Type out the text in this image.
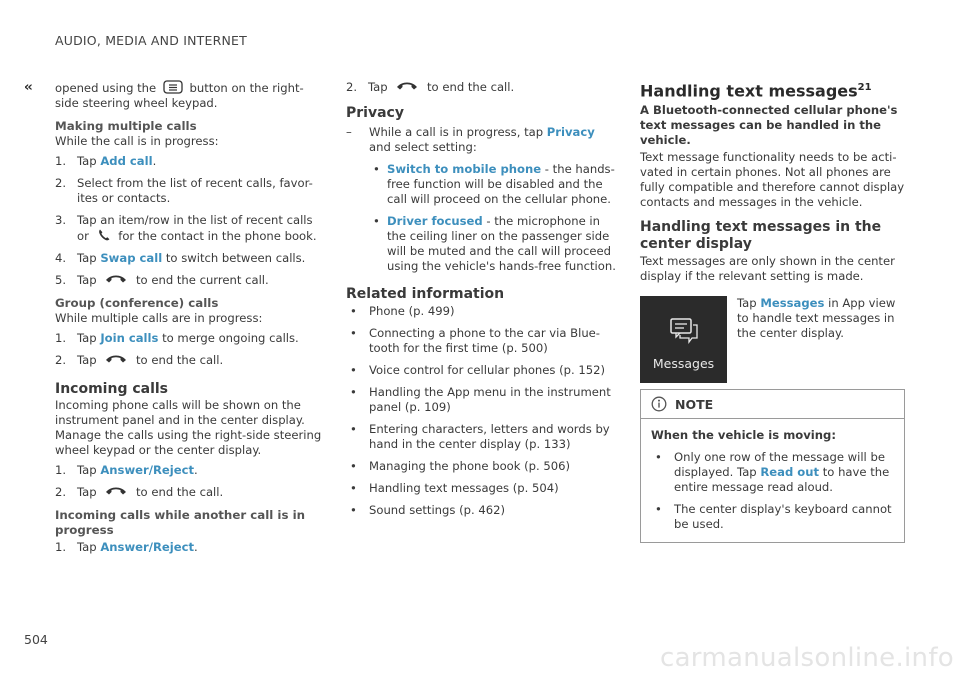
AUDIO, MEDIA AND INTERNET
‹‹
504
carmanualsonline.info
opened using the	button on the right-side steering wheel keypad.
Making multiple calls
While the call is in progress:
1. Tap Add call.
2. Select from the list of recent calls, favor-ites or contacts.
3. Tap an item/row in the list of recent calls or	for the contact in the phone book.
4. Tap Swap call to switch between calls.
5. Tap	to end the current call.
Group (conference) calls
While multiple calls are in progress:
1. Tap Join calls to merge ongoing calls.
2. Tap	to end the call.
Incoming calls
Incoming phone calls will be shown on the instrument panel and in the center display. Manage the calls using the right-side steering wheel keypad or the center display.
1. Tap Answer/Reject.
2. Tap	to end the call.
Incoming calls while another call is in progress
1. Tap Answer/Reject.
2. Tap	to end the call.
Privacy
–	While a call is in progress, tap Privacy and select setting:
• Switch to mobile phone - the hands-free function will be disabled and the call will proceed on the cellular phone.
• Driver focused - the microphone in the ceiling liner on the passenger side will be muted and the call will proceed using the vehicle's hands-free function.
Related information
•	Phone (p. 499)
•	Connecting a phone to the car via Blue-tooth for the first time (p. 500)
•	Voice control for cellular phones (p. 152)
•	Handling the App menu in the instrument panel (p. 109)
•	Entering characters, letters and words by hand in the center display (p. 133)
•	Managing the phone book (p. 506)
•	Handling text messages (p. 504)
•	Sound settings (p. 462)
Handling text messages$^{21}$
A Bluetooth-connected cellular phone's text messages can be handled in the vehicle.
Text message functionality needs to be acti-vated in certain phones. Not all phones are fully compatible and therefore cannot display contacts and messages in the vehicle.
Handling text messages in the center display
Text messages are only shown in the center display if the relevant setting is made.
Messages
Tap Messages in App view to handle text messages in the center display.
NOTE
When the vehicle is moving:
•	Only one row of the message will be displayed. Tap Read out to have the entire message read aloud.
•	The center display's keyboard cannot be used.
